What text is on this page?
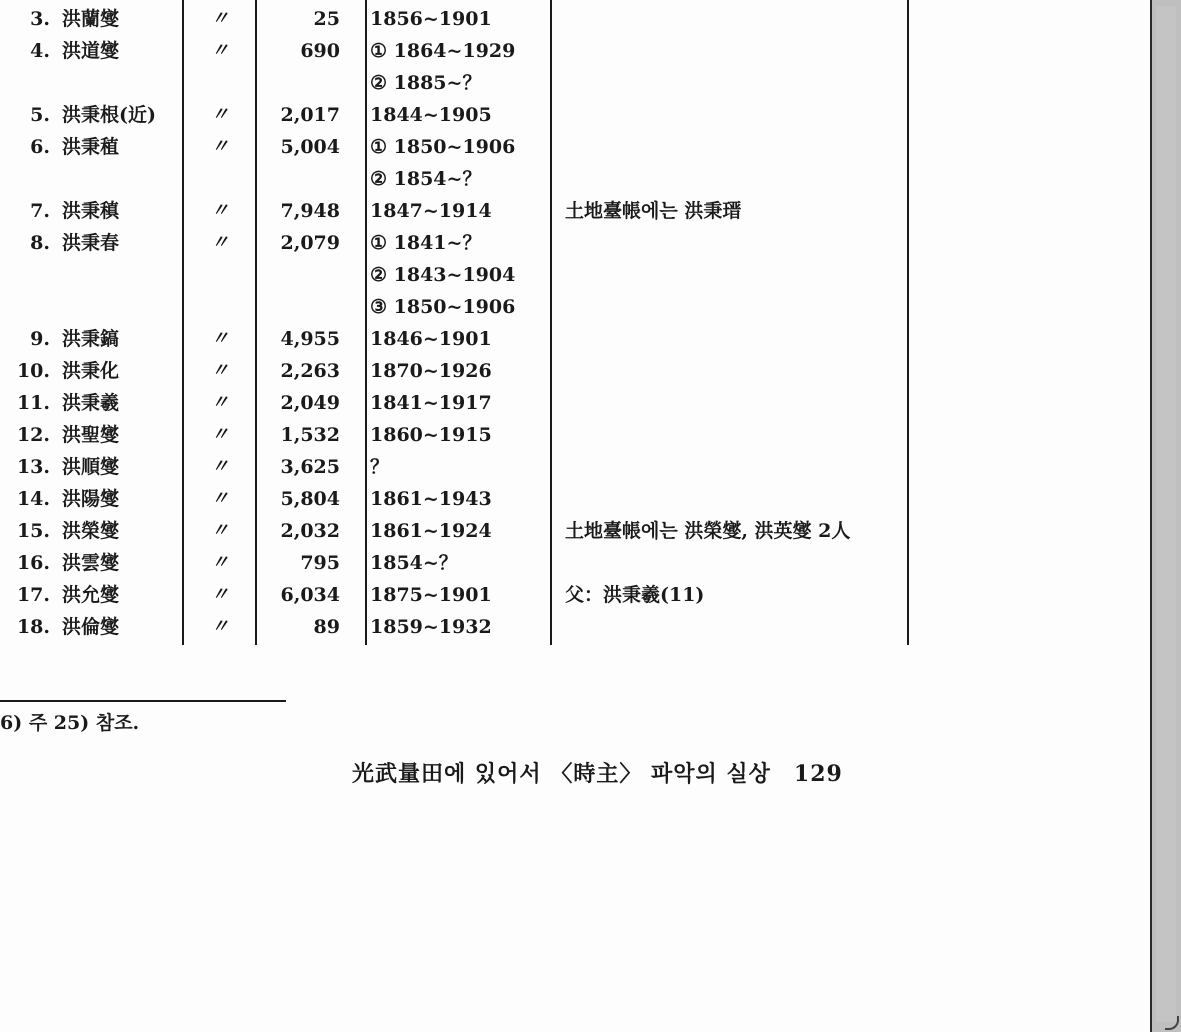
3. 洪蘭燮	〃	25 1856~1901
4. 洪道燮	〃	690 ① 1864~1929
② 1885~？
5. 洪秉根(近)	〃	2,017 1844~1905
6. 洪秉稙	〃	5,004 ① 1850~1906
② 1854~？
7. 洪秉稹	〃	7,948 1847~1914	土地臺帳에는 洪秉瑨
8. 洪秉春	〃	2,079 ① 1841~？
② 1843~1904
③ 1850~1906
9. 洪秉鎬	〃	4,955 1846~1901
10. 洪秉化	〃	2,263 1870~1926
11. 洪秉羲	〃	2,049 1841~1917
12. 洪聖燮	〃	1,532 1860~1915
13. 洪順燮	〃	3,625 ？
14. 洪陽燮	〃	5,804 1861~1943
15. 洪榮燮	〃	2,032 1861~1924	土地臺帳에는 洪榮燮, 洪英燮 2人
16. 洪雲燮	〃	795 1854~？
17. 洪允燮	〃	6,034 1875~1901	父：洪秉羲(11)
18. 洪倫燮	〃	89 1859~1932
6) 주 25) 참조.
光武量田에 있어서 〈時主〉 파악의 실상　129
